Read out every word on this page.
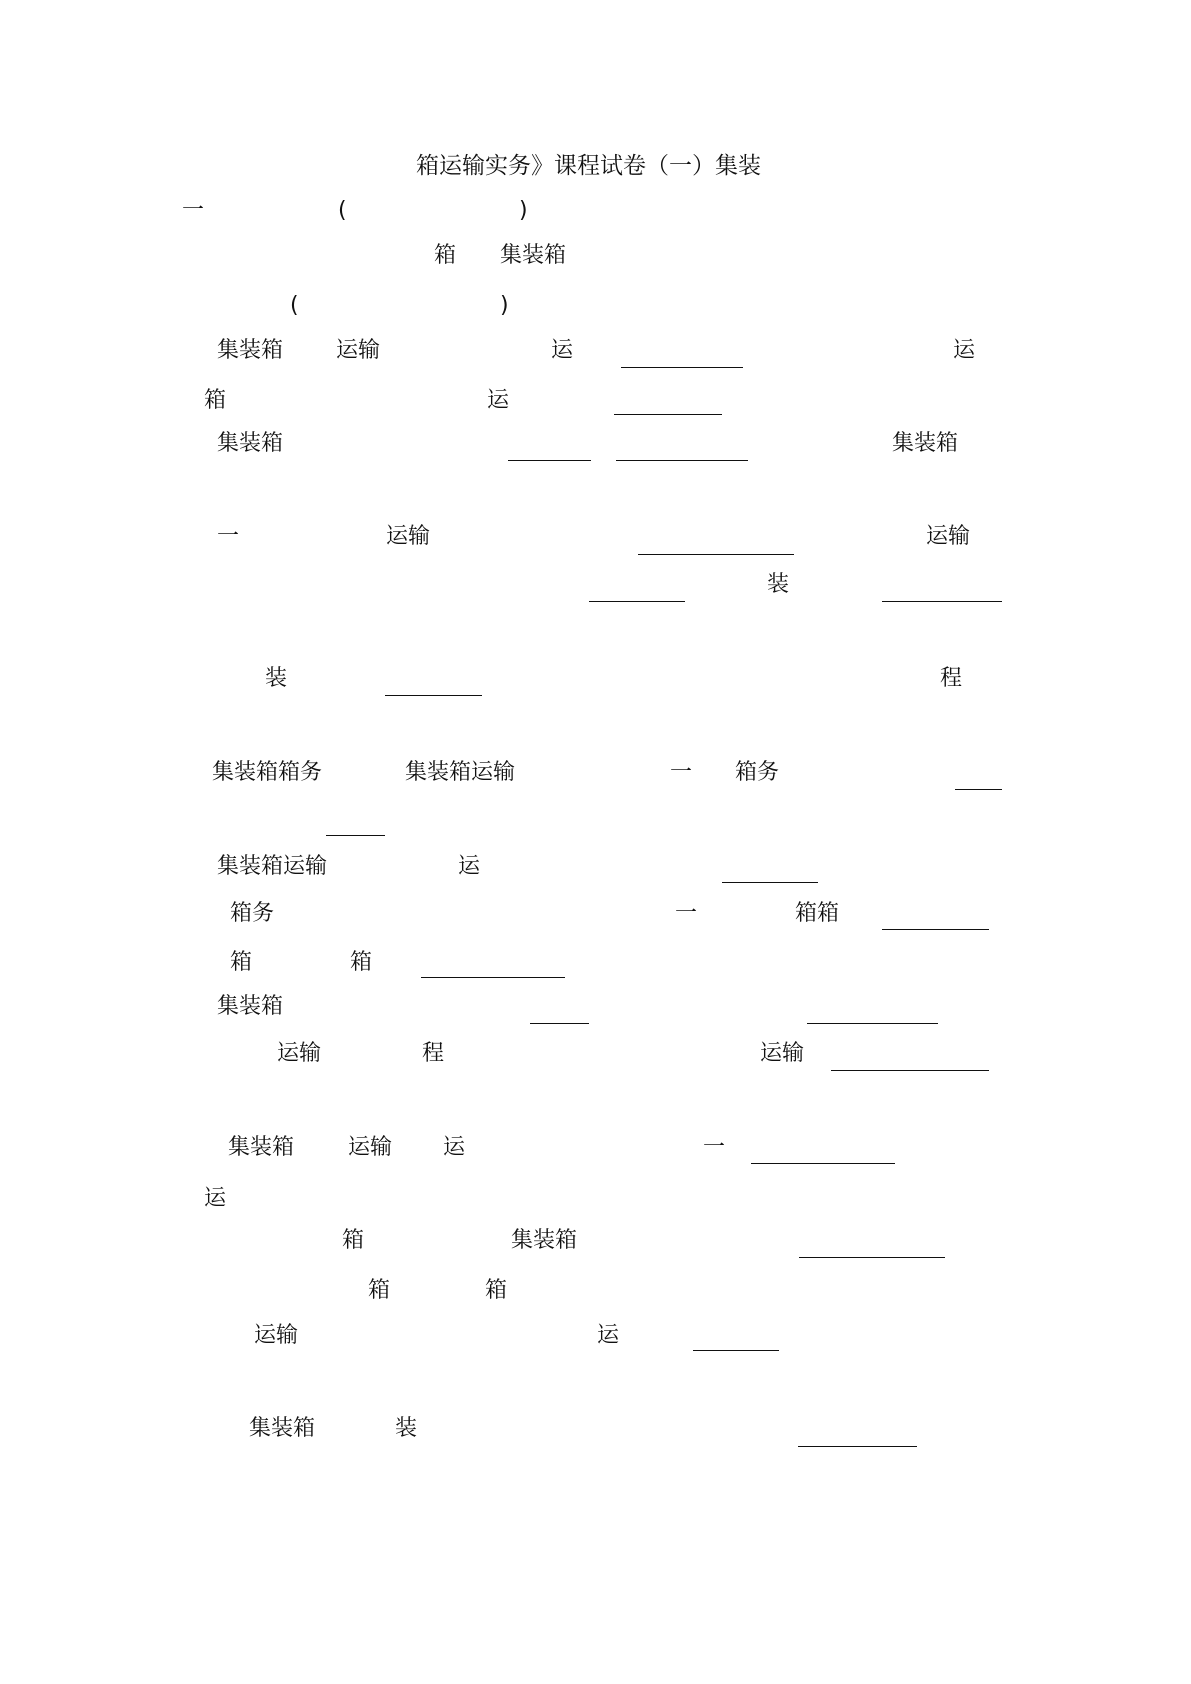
箱运输实务》课程试卷（一）集装
一	(	)
箱 集装箱
(	)
集装箱 运输	运	运
箱	运
集装箱	集装箱
一	运输	运输
装
装	程
集装箱箱务	集装箱运输	一 箱务
集装箱运输	运
箱务	一	箱箱
箱	箱
集装箱
运输	程	运输
集装箱 运输 运	一
运
箱	集装箱
箱	箱
运输	运
集装箱	装
